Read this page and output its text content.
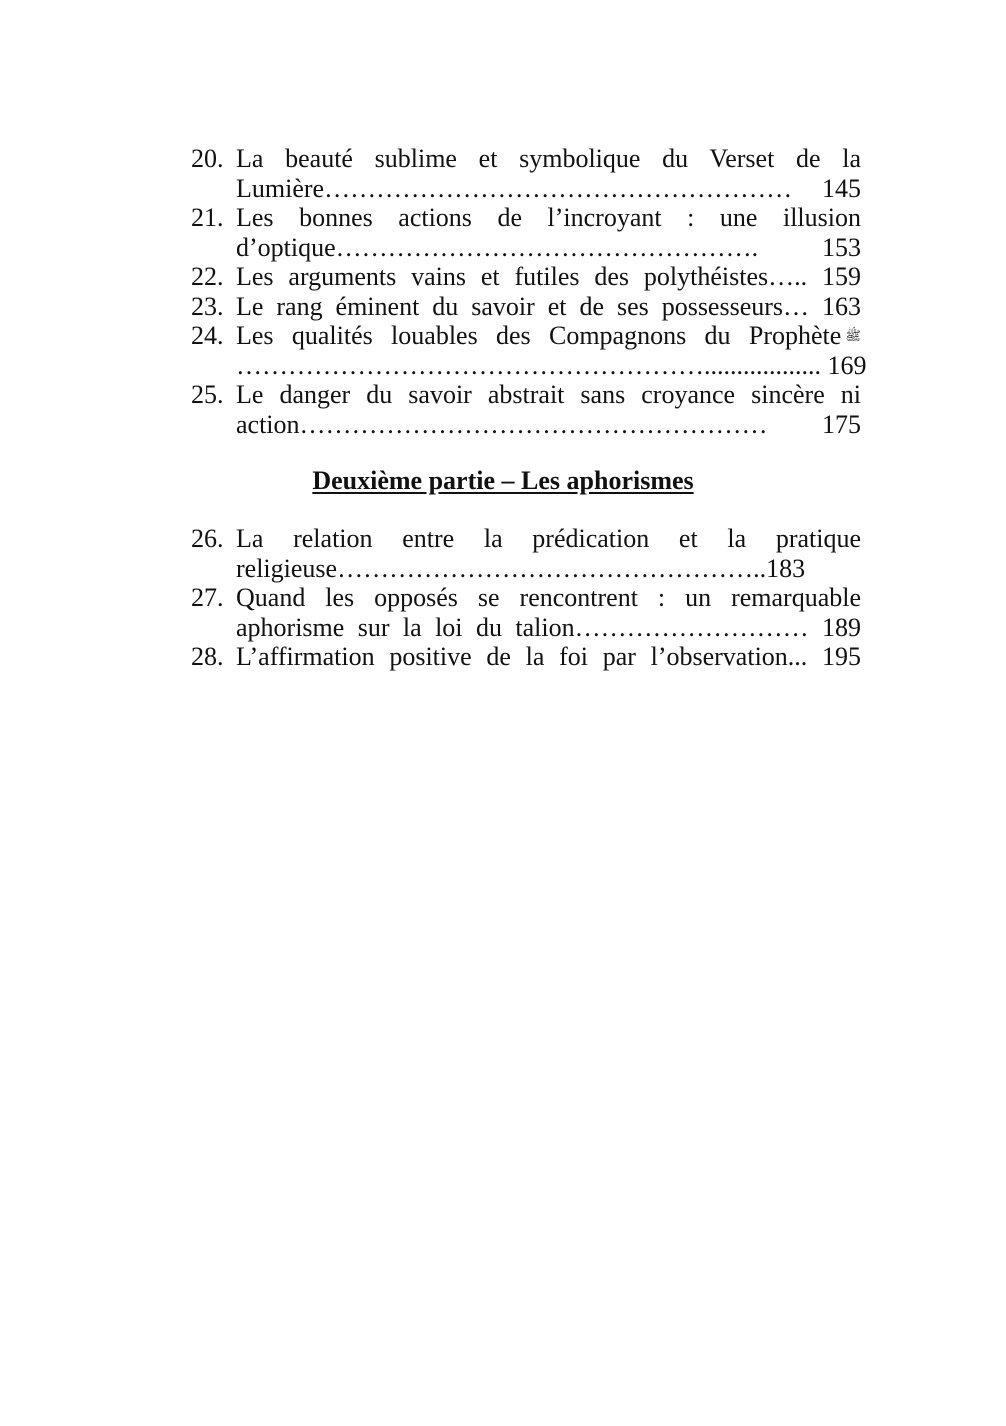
20. La beauté sublime et symbolique du Verset de la
Lumière……………………………………………… 145
21. Les bonnes actions de l’incroyant : une illusion
d’optique…………………………………………. 153
22. Les arguments vains et futiles des polythéistes….. 159
23. Le rang éminent du savoir et de ses possesseurs… 163
24. Les qualités louables des Compagnons du Prophète ﷺ
……………………………………………….................. 169
25. Le danger du savoir abstrait sans croyance sincère ni
action……………………………………………… 175
Deuxième partie – Les aphorismes
26. La relation entre la prédication et la pratique
religieuse…………………………………………..183
27. Quand les opposés se rencontrent : un remarquable
aphorisme sur la loi du talion……………………… 189
28. L’affirmation positive de la foi par l’observation... 195
